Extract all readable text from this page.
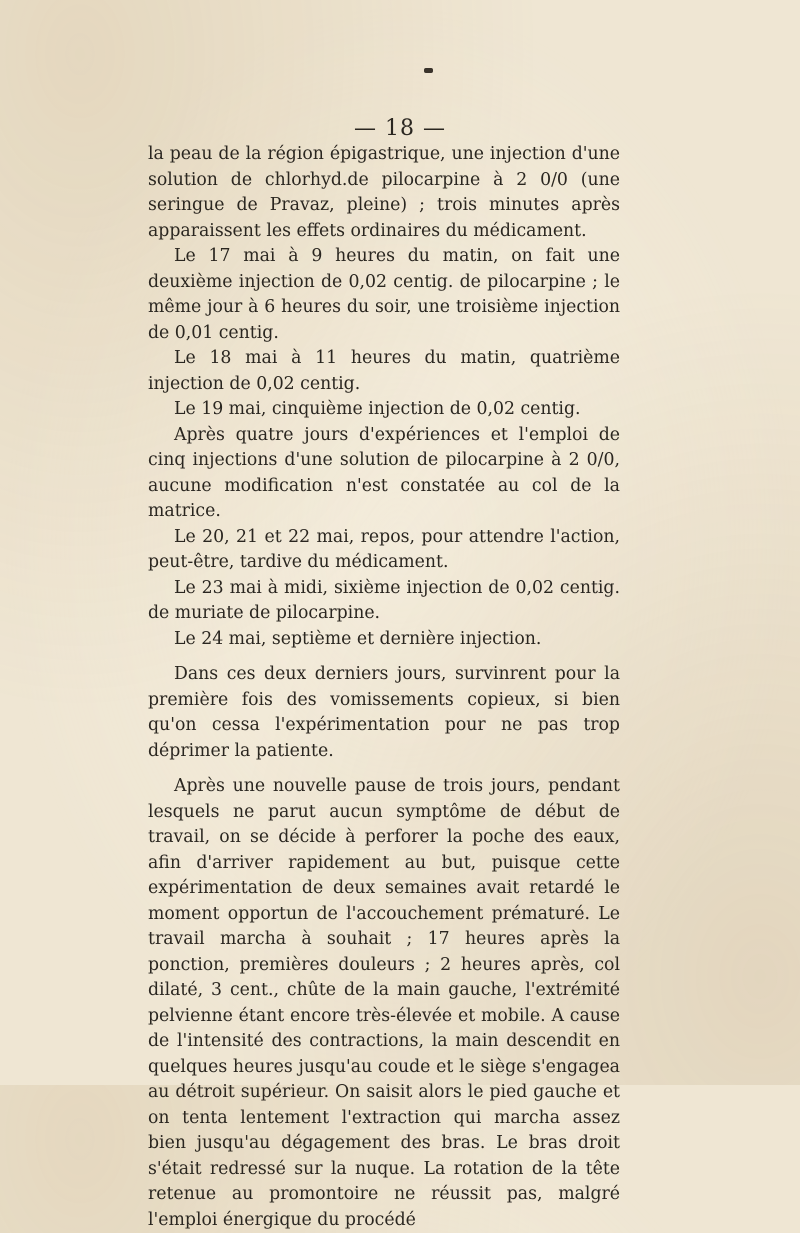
— 18 —

la peau de la région épigastrique, une injection d'une solution de chlorhyd.de pilocarpine à 2 0/0 (une seringue de Pravaz, pleine) ; trois minutes après apparaissent les effets ordinaires du médicament.

Le 17 mai à 9 heures du matin, on fait une deuxième injection de 0,02 centig. de pilocarpine ; le même jour à 6 heures du soir, une troisième injection de 0,01 centig.

Le 18 mai à 11 heures du matin, quatrième injection de 0,02 centig.

Le 19 mai, cinquième injection de 0,02 centig.

Après quatre jours d'expériences et l'emploi de cinq injections d'une solution de pilocarpine à 2 0/0, aucune modification n'est constatée au col de la matrice.

Le 20, 21 et 22 mai, repos, pour attendre l'action, peut-être, tardive du médicament.

Le 23 mai à midi, sixième injection de 0,02 centig. de muriate de pilocarpine.

Le 24 mai, septième et dernière injection.

Dans ces deux derniers jours, survinrent pour la première fois des vomissements copieux, si bien qu'on cessa l'expérimentation pour ne pas trop déprimer la patiente.

Après une nouvelle pause de trois jours, pendant lesquels ne parut aucun symptôme de début de travail, on se décide à perforer la poche des eaux, afin d'arriver rapidement au but, puisque cette expérimentation de deux semaines avait retardé le moment opportun de l'accouchement prématuré. Le travail marcha à souhait ; 17 heures après la ponction, premières douleurs ; 2 heures après, col dilaté, 3 cent., chûte de la main gauche, l'extrémité pelvienne étant encore très-élevée et mobile. A cause de l'intensité des contractions, la main descendit en quelques heures jusqu'au coude et le siège s'engagea au détroit supérieur. On saisit alors le pied gauche et on tenta lentement l'extraction qui marcha assez bien jusqu'au dégagement des bras. Le bras droit s'était redressé sur la nuque. La rotation de la tête retenue au promontoire ne réussit pas, malgré l'emploi énergique du procédé
